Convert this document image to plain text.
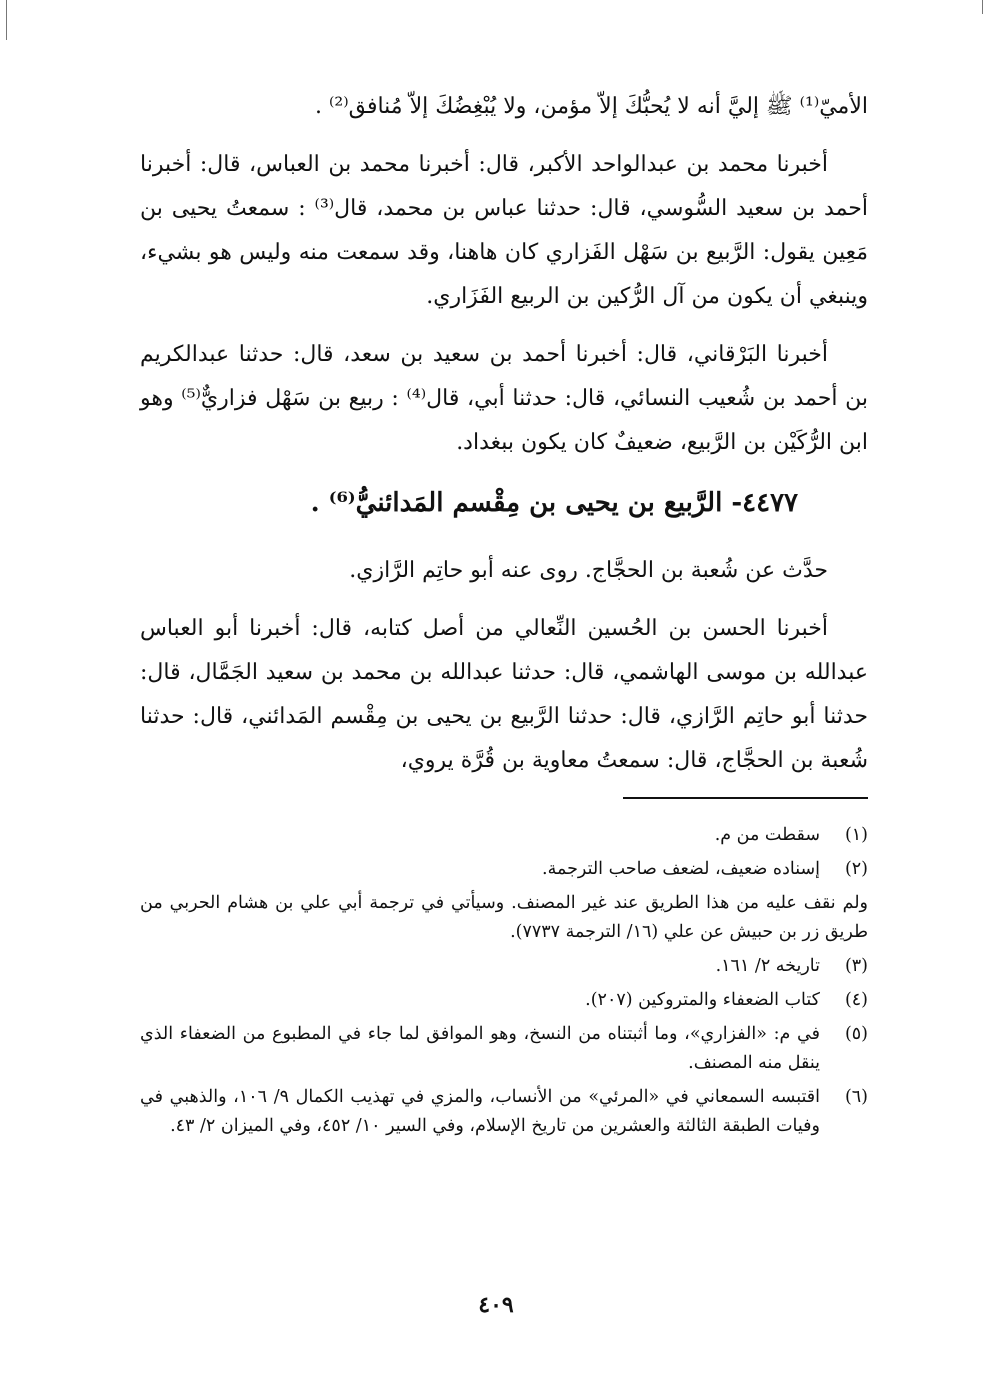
الأميّ⁽¹⁾ ﷺ إليَّ أنه لا يُحبُّكَ إلاّ مؤمن، ولا يُبْغِضُكَ إلاّ مُنافق⁽²⁾ .

أخبرنا محمد بن عبدالواحد الأكبر، قال: أخبرنا محمد بن العباس، قال: أخبرنا أحمد بن سعيد السُّوسي، قال: حدثنا عباس بن محمد، قال⁽³⁾ : سمعتُ يحيى بن مَعِين يقول: الرَّبيع بن سَهْل الفَزاري كان هاهنا، وقد سمعت منه وليس هو بشيء، وينبغي أن يكون من آل الرُّكين بن الربيع الفَزَاري.

أخبرنا البَرْقاني، قال: أخبرنا أحمد بن سعيد بن سعد، قال: حدثنا عبدالكريم بن أحمد بن شُعيب النسائي، قال: حدثنا أبي، قال⁽⁴⁾ : ربيع بن سَهْل فزاريٌّ⁽⁵⁾ وهو ابن الرُّكَيْن بن الرَّبيع، ضعيفٌ كان يكون ببغداد.

٤٤٧٧- الرَّبيع بن يحيى بن مِقْسم المَدائنيُّ⁽⁶⁾ .

حدَّث عن شُعبة بن الحجَّاج. روى عنه أبو حاتِم الرَّازي.

أخبرنا الحسن بن الحُسين النِّعالي من أصل كتابه، قال: أخبرنا أبو العباس عبدالله بن موسى الهاشمي، قال: حدثنا عبدالله بن محمد بن سعيد الجَمَّال، قال: حدثنا أبو حاتِم الرَّازي، قال: حدثنا الرَّبيع بن يحيى بن مِقْسم المَدائني، قال: حدثنا شُعبة بن الحجَّاج، قال: سمعتُ معاوية بن قُرَّة يروي،

(١)
سقطت من م.
(٢)
إسناده ضعيف، لضعف صاحب الترجمة.
ولم نقف عليه من هذا الطريق عند غير المصنف. وسيأتي في ترجمة أبي علي بن هشام الحربي من طريق زر بن حبيش عن علي (١٦/ الترجمة ٧٧٣٧).
(٣)
تاريخه ٢/ ١٦١.
(٤)
كتاب الضعفاء والمتروكين (٢٠٧).
(٥)
في م: «الفزاري»، وما أثبتناه من النسخ، وهو الموافق لما جاء في المطبوع من الضعفاء الذي ينقل منه المصنف.
(٦)
اقتبسه السمعاني في «المرئي» من الأنساب، والمزي في تهذيب الكمال ٩/ ١٠٦، والذهبي في وفيات الطبقة الثالثة والعشرين من تاريخ الإسلام، وفي السير ١٠/ ٤٥٢، وفي الميزان ٢/ ٤٣.
٤٠٩
